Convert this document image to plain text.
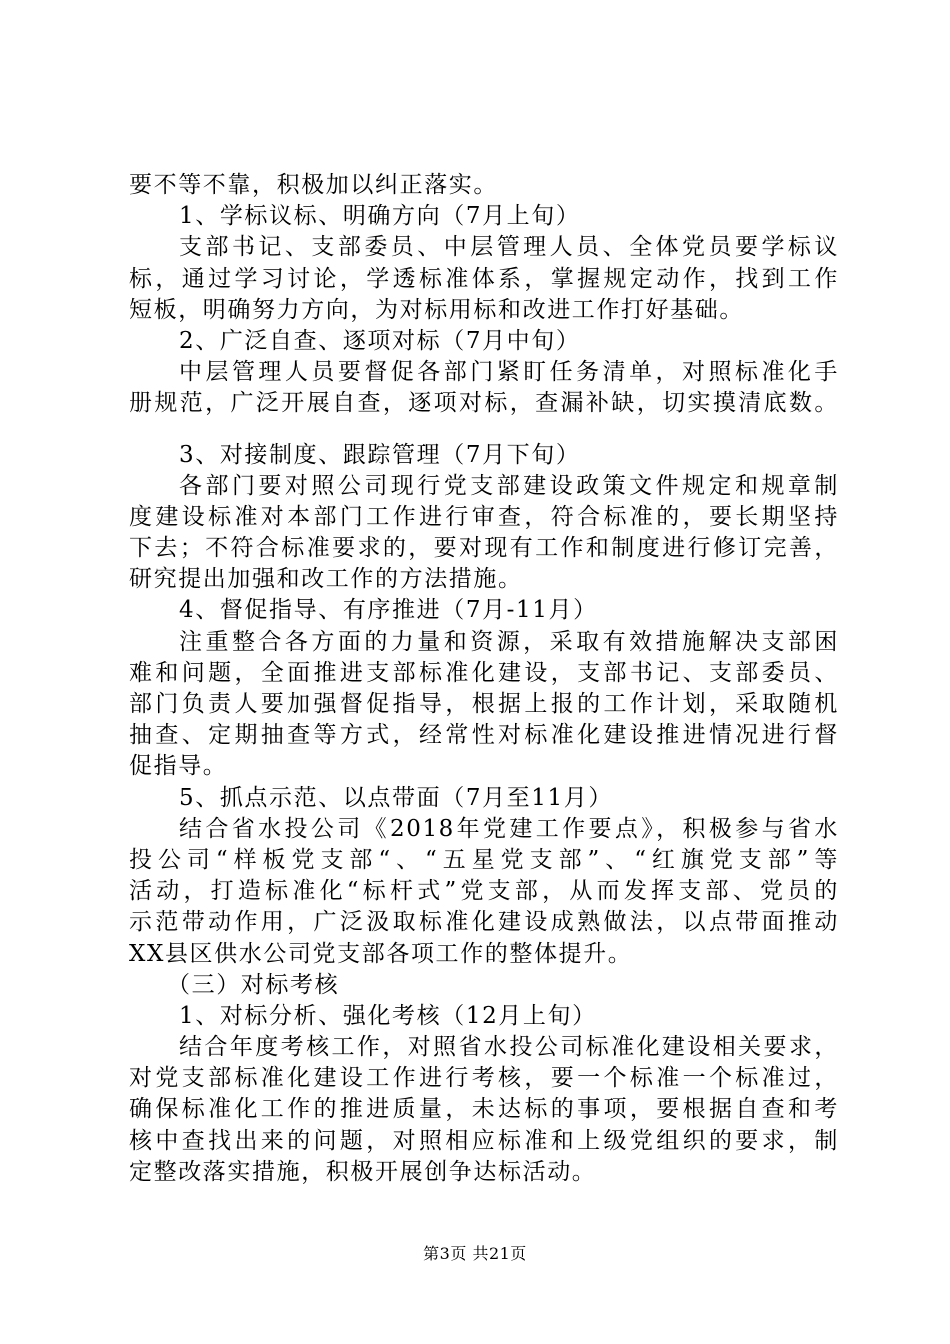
要不等不靠，积极加以纠正落实。
1、学标议标、明确方向（7月上旬）
支部书记、支部委员、中层管理人员、全体党员要学标议
标，通过学习讨论，学透标准体系，掌握规定动作，找到工作
短板，明确努力方向，为对标用标和改进工作打好基础。
2、广泛自查、逐项对标（7月中旬）
中层管理人员要督促各部门紧盯任务清单，对照标准化手
册规范，广泛开展自查，逐项对标，查漏补缺，切实摸清底数。
3、对接制度、跟踪管理（7月下旬）
各部门要对照公司现行党支部建设政策文件规定和规章制
度建设标准对本部门工作进行审查，符合标准的，要长期坚持
下去；不符合标准要求的，要对现有工作和制度进行修订完善，
研究提出加强和改工作的方法措施。
4、督促指导、有序推进（7月-11月）
注重整合各方面的力量和资源，采取有效措施解决支部困
难和问题，全面推进支部标准化建设，支部书记、支部委员、
部门负责人要加强督促指导，根据上报的工作计划，采取随机
抽查、定期抽查等方式，经常性对标准化建设推进情况进行督
促指导。
5、抓点示范、以点带面（7月至11月）
结合省水投公司《2018年党建工作要点》，积极参与省水
投公司“样板党支部“、“五星党支部”、“红旗党支部”等
活动，打造标准化“标杆式”党支部，从而发挥支部、党员的
示范带动作用，广泛汲取标准化建设成熟做法，以点带面推动
XX县区供水公司党支部各项工作的整体提升。
（三）对标考核
1、对标分析、强化考核（12月上旬）
结合年度考核工作，对照省水投公司标准化建设相关要求，
对党支部标准化建设工作进行考核，要一个标准一个标准过，
确保标准化工作的推进质量，未达标的事项，要根据自查和考
核中查找出来的问题，对照相应标准和上级党组织的要求，制
定整改落实措施，积极开展创争达标活动。
第3页 共21页
